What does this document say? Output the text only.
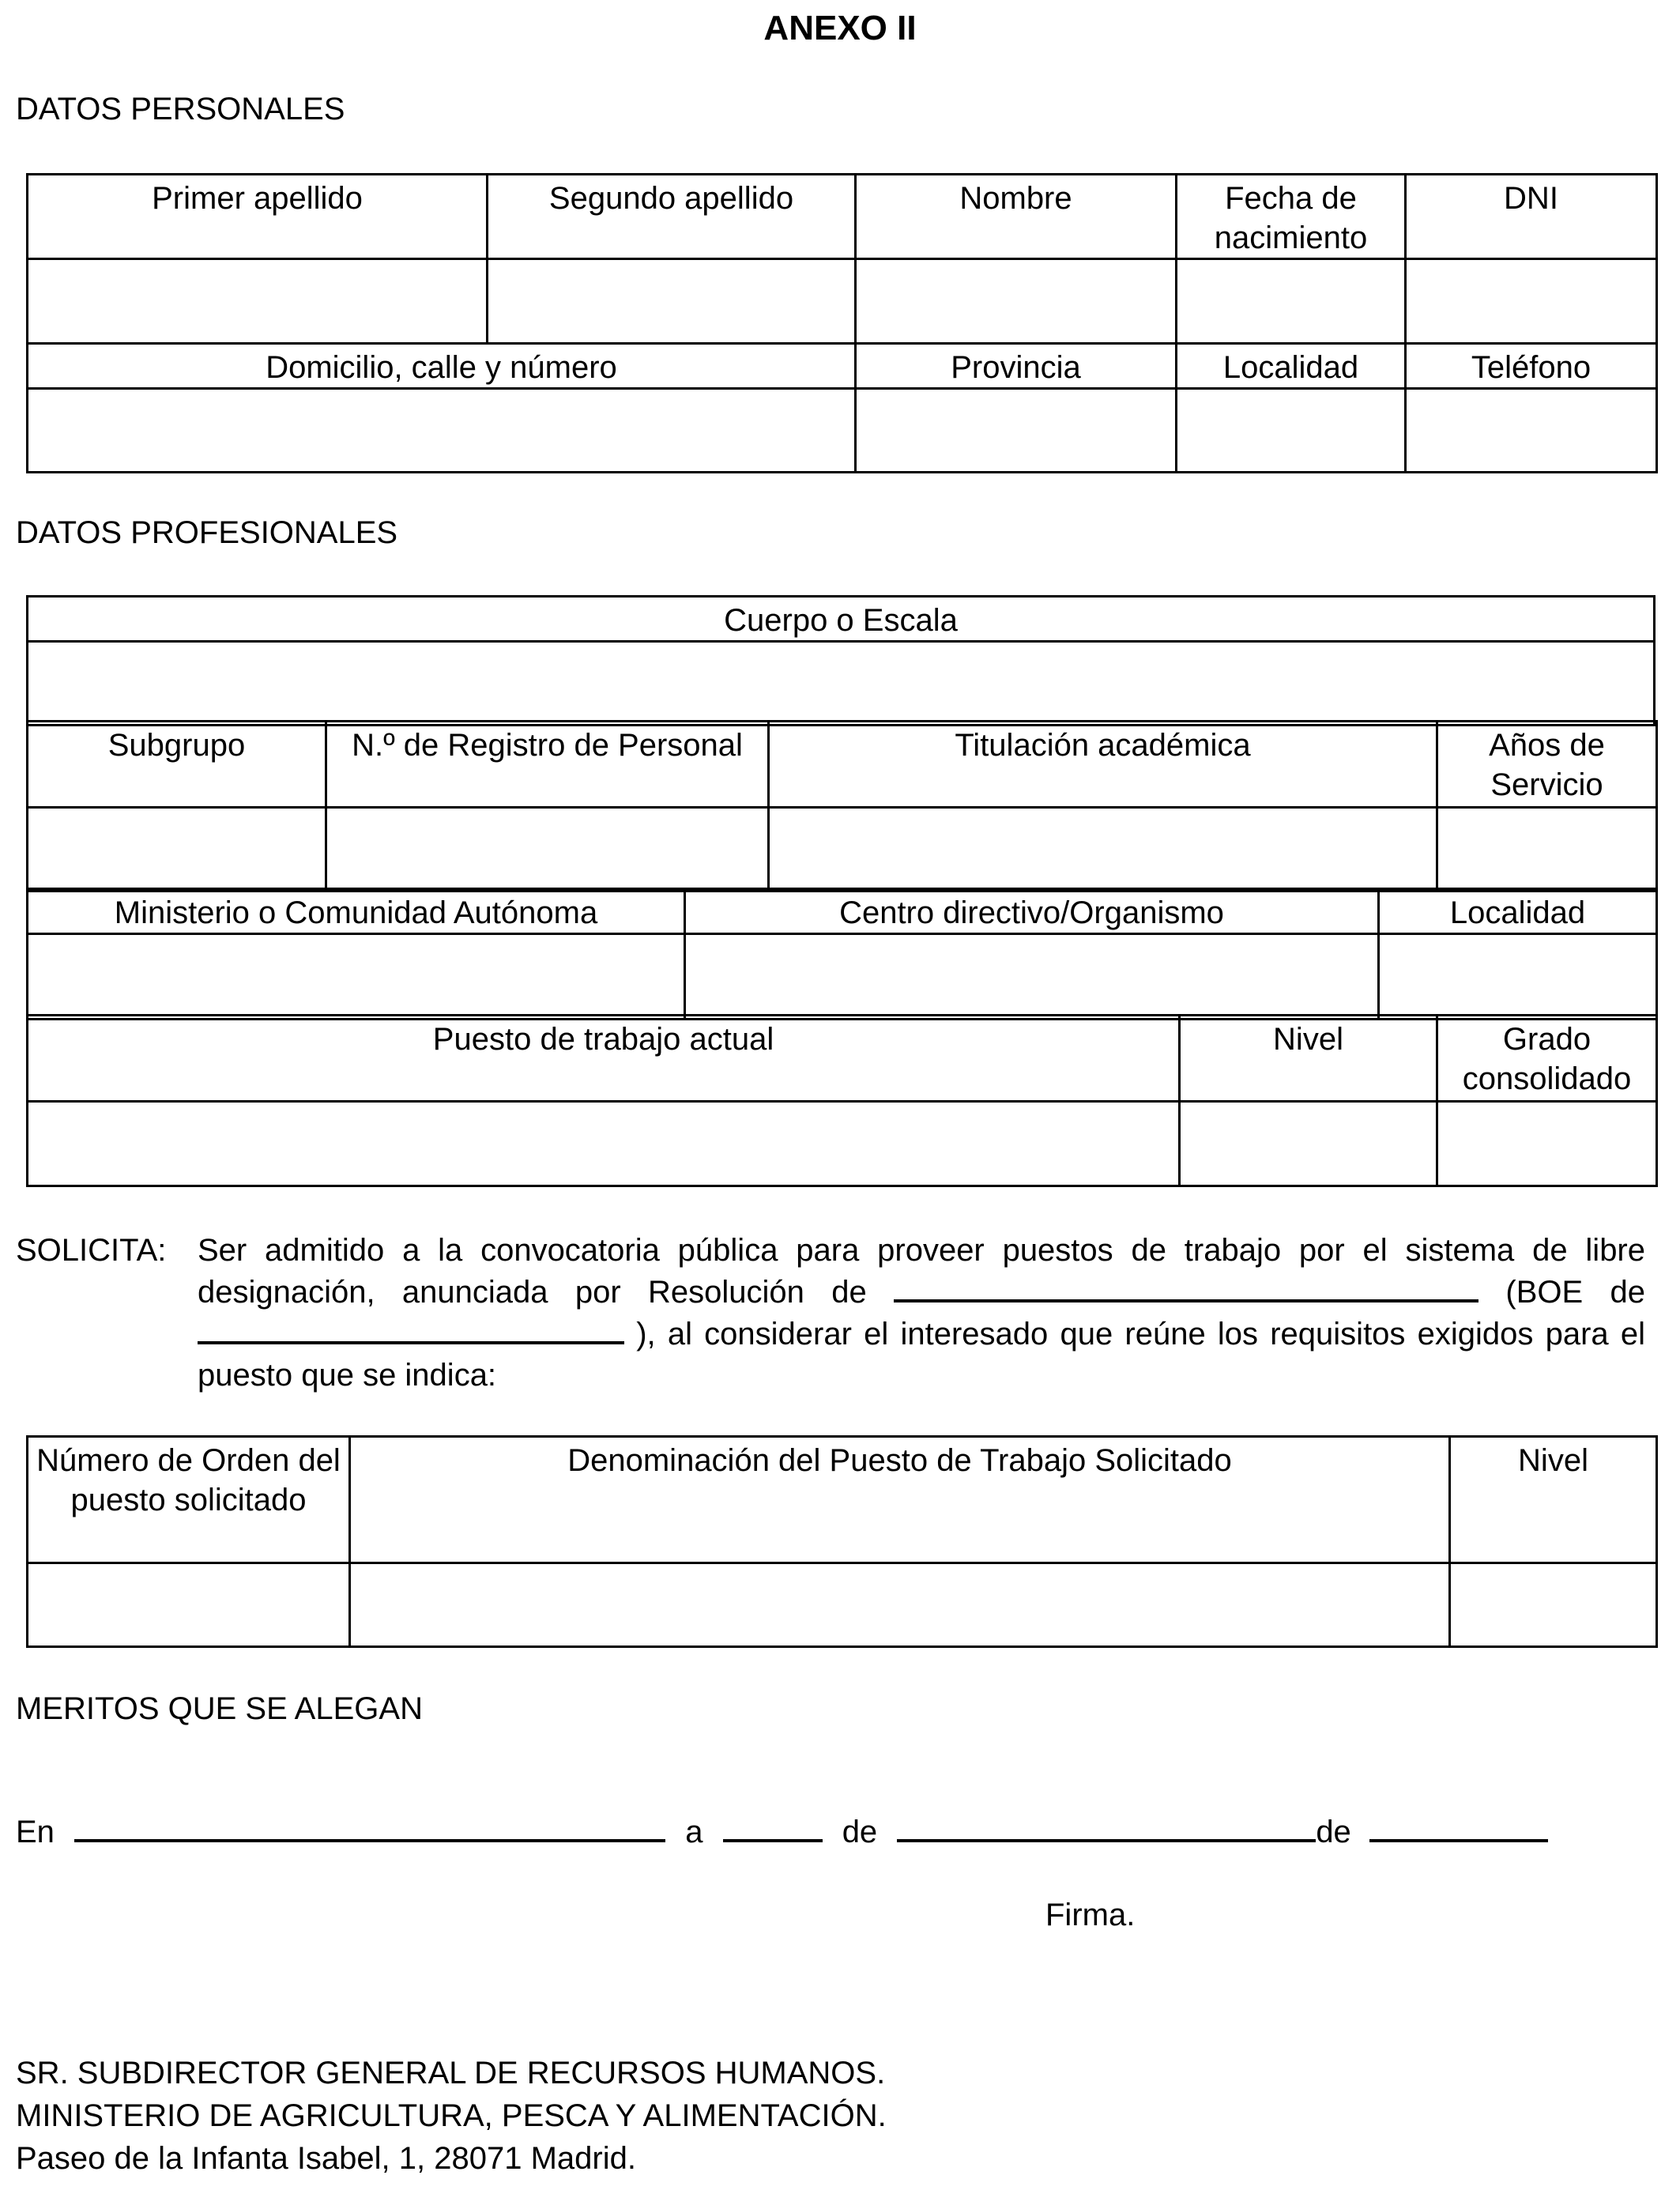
ANEXO II
DATOS PERSONALES
Primer apellido	Segundo apellido	Nombre	Fecha de nacimiento	DNI

Domicilio, calle y número		Provincia	Localidad	Teléfono

DATOS PROFESIONALES
Cuerpo o Escala

Subgrupo	N.º de Registro de Personal	Titulación académica	Años de Servicio

Ministerio o Comunidad Autónoma	Centro directivo/Organismo	Localidad

Puesto de trabajo actual	Nivel	Grado consolidado

SOLICITA: Ser admitido a la convocatoria pública para proveer puestos de trabajo por el sistema de libre designación, anunciada por Resolución de	(BOE de  ), al considerar el interesado que reúne los requisitos exigidos para el puesto que se indica:
Número de Orden del puesto solicitado	Denominación del Puesto de Trabajo Solicitado	Nivel

MERITOS QUE SE ALEGAN
En	a	de	de
Firma.
SR. SUBDIRECTOR GENERAL DE RECURSOS HUMANOS.
MINISTERIO DE AGRICULTURA, PESCA Y ALIMENTACIÓN.
Paseo de la Infanta Isabel, 1, 28071 Madrid.
